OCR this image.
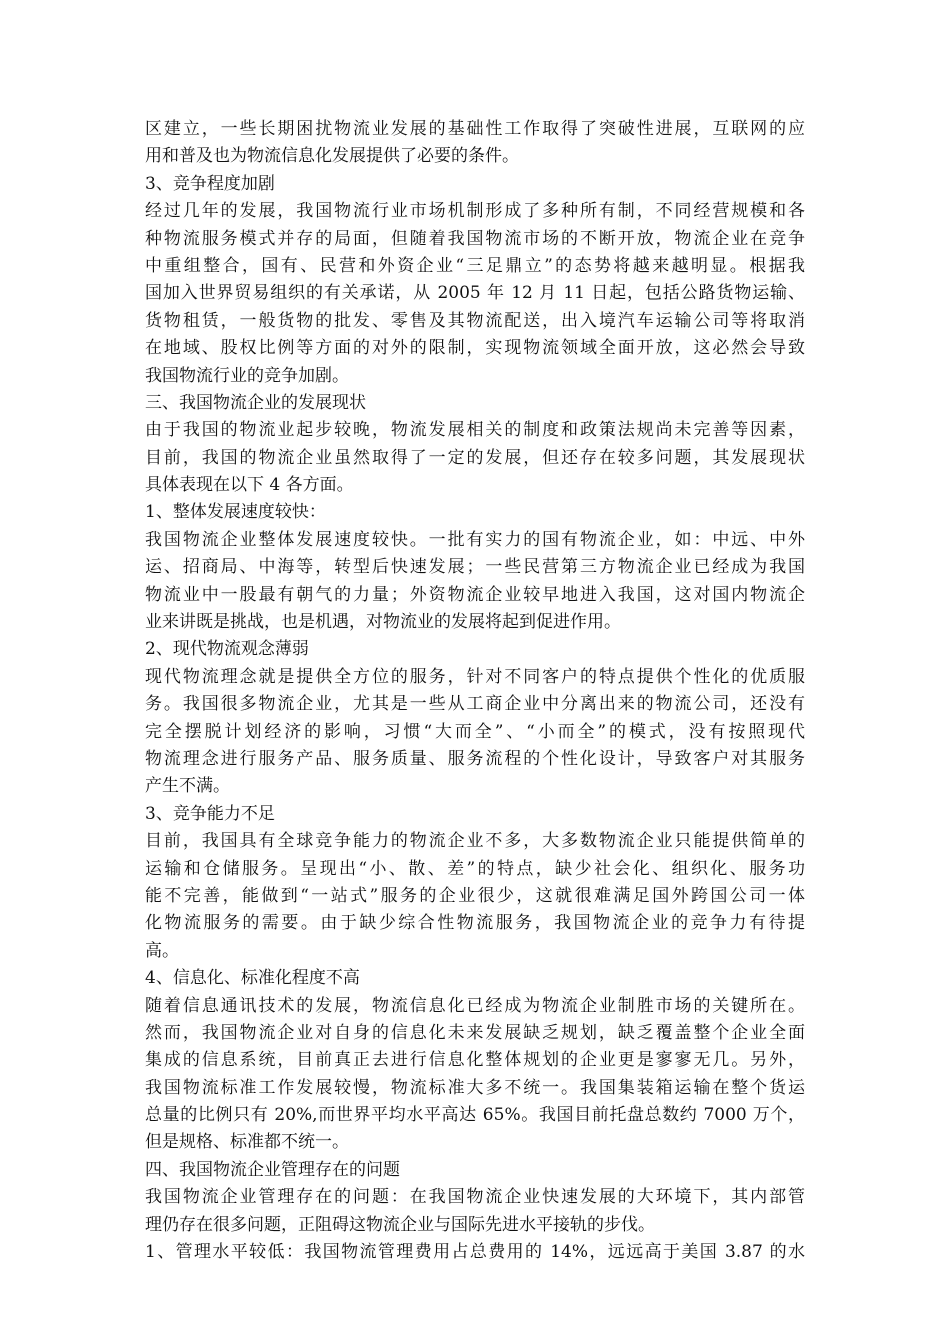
区建立，一些长期困扰物流业发展的基础性工作取得了突破性进展，互联网的应
用和普及也为物流信息化发展提供了必要的条件。
3、竞争程度加剧
经过几年的发展，我国物流行业市场机制形成了多种所有制，不同经营规模和各
种物流服务模式并存的局面，但随着我国物流市场的不断开放，物流企业在竞争
中重组整合，国有、民营和外资企业“三足鼎立”的态势将越来越明显。根据我
国加入世界贸易组织的有关承诺，从 2005 年 12 月 11 日起，包括公路货物运输、
货物租赁，一般货物的批发、零售及其物流配送，出入境汽车运输公司等将取消
在地域、股权比例等方面的对外的限制，实现物流领域全面开放，这必然会导致
我国物流行业的竞争加剧。
三、我国物流企业的发展现状
由于我国的物流业起步较晚，物流发展相关的制度和政策法规尚未完善等因素，
目前，我国的物流企业虽然取得了一定的发展，但还存在较多问题，其发展现状
具体表现在以下 4 各方面。
1、整体发展速度较快：
我国物流企业整体发展速度较快。一批有实力的国有物流企业，如：中远、中外
运、招商局、中海等，转型后快速发展；一些民营第三方物流企业已经成为我国
物流业中一股最有朝气的力量；外资物流企业较早地进入我国，这对国内物流企
业来讲既是挑战，也是机遇，对物流业的发展将起到促进作用。
2、现代物流观念薄弱
现代物流理念就是提供全方位的服务，针对不同客户的特点提供个性化的优质服
务。我国很多物流企业，尤其是一些从工商企业中分离出来的物流公司，还没有
完全摆脱计划经济的影响，习惯“大而全”、“小而全”的模式，没有按照现代
物流理念进行服务产品、服务质量、服务流程的个性化设计，导致客户对其服务
产生不满。
3、竞争能力不足
目前，我国具有全球竞争能力的物流企业不多，大多数物流企业只能提供简单的
运输和仓储服务。呈现出“小、散、差”的特点，缺少社会化、组织化、服务功
能不完善，能做到“一站式”服务的企业很少，这就很难满足国外跨国公司一体
化物流服务的需要。由于缺少综合性物流服务，我国物流企业的竞争力有待提
高。
4、信息化、标准化程度不高
随着信息通讯技术的发展，物流信息化已经成为物流企业制胜市场的关键所在。
然而，我国物流企业对自身的信息化未来发展缺乏规划，缺乏覆盖整个企业全面
集成的信息系统，目前真正去进行信息化整体规划的企业更是寥寥无几。另外，
我国物流标准工作发展较慢，物流标准大多不统一。我国集装箱运输在整个货运
总量的比例只有 20%,而世界平均水平高达 65%。我国目前托盘总数约 7000 万个，
但是规格、标准都不统一。
四、我国物流企业管理存在的问题
我国物流企业管理存在的问题：在我国物流企业快速发展的大环境下，其内部管
理仍存在很多问题，正阻碍这物流企业与国际先进水平接轨的步伐。
1、管理水平较低：我国物流管理费用占总费用的 14%，远远高于美国 3.87 的水
